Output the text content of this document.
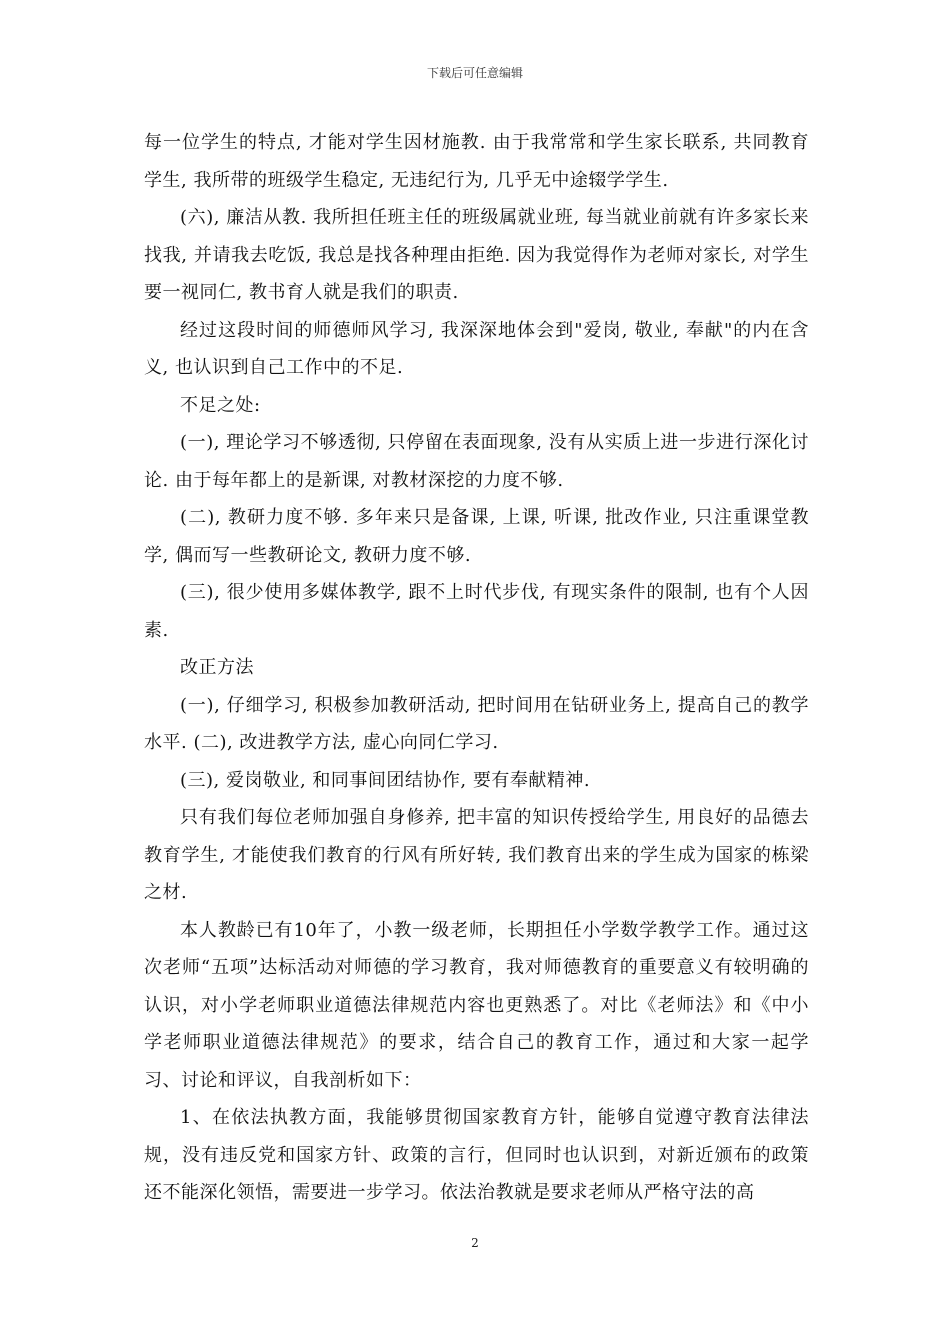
下载后可任意编辑

每一位学生的特点, 才能对学生因材施教. 由于我常常和学生家长联系, 共同教育学生, 我所带的班级学生稳定, 无违纪行为, 几乎无中途辍学学生.

(六), 廉洁从教. 我所担任班主任的班级属就业班, 每当就业前就有许多家长来找我, 并请我去吃饭, 我总是找各种理由拒绝. 因为我觉得作为老师对家长, 对学生要一视同仁, 教书育人就是我们的职责.

经过这段时间的师德师风学习, 我深深地体会到"爱岗, 敬业, 奉献"的内在含义, 也认识到自己工作中的不足.

不足之处:

(一), 理论学习不够透彻, 只停留在表面现象, 没有从实质上进一步进行深化讨论. 由于每年都上的是新课, 对教材深挖的力度不够.

(二), 教研力度不够. 多年来只是备课, 上课, 听课, 批改作业, 只注重课堂教学, 偶而写一些教研论文, 教研力度不够.

(三), 很少使用多媒体教学, 跟不上时代步伐, 有现实条件的限制, 也有个人因素.

改正方法

(一), 仔细学习, 积极参加教研活动, 把时间用在钻研业务上, 提高自己的教学水平. (二), 改进教学方法, 虚心向同仁学习.

(三), 爱岗敬业, 和同事间团结协作, 要有奉献精神.

只有我们每位老师加强自身修养, 把丰富的知识传授给学生, 用良好的品德去教育学生, 才能使我们教育的行风有所好转, 我们教育出来的学生成为国家的栋梁之材.

本人教龄已有10年了，小教一级老师，长期担任小学数学教学工作。通过这次老师“五项”达标活动对师德的学习教育，我对师德教育的重要意义有较明确的认识，对小学老师职业道德法律规范内容也更熟悉了。对比《老师法》和《中小学老师职业道德法律规范》的要求，结合自己的教育工作，通过和大家一起学习、讨论和评议，自我剖析如下：

1、在依法执教方面，我能够贯彻国家教育方针，能够自觉遵守教育法律法规，没有违反党和国家方针、政策的言行，但同时也认识到，对新近颁布的政策还不能深化领悟，需要进一步学习。依法治教就是要求老师从严格守法的高

2
